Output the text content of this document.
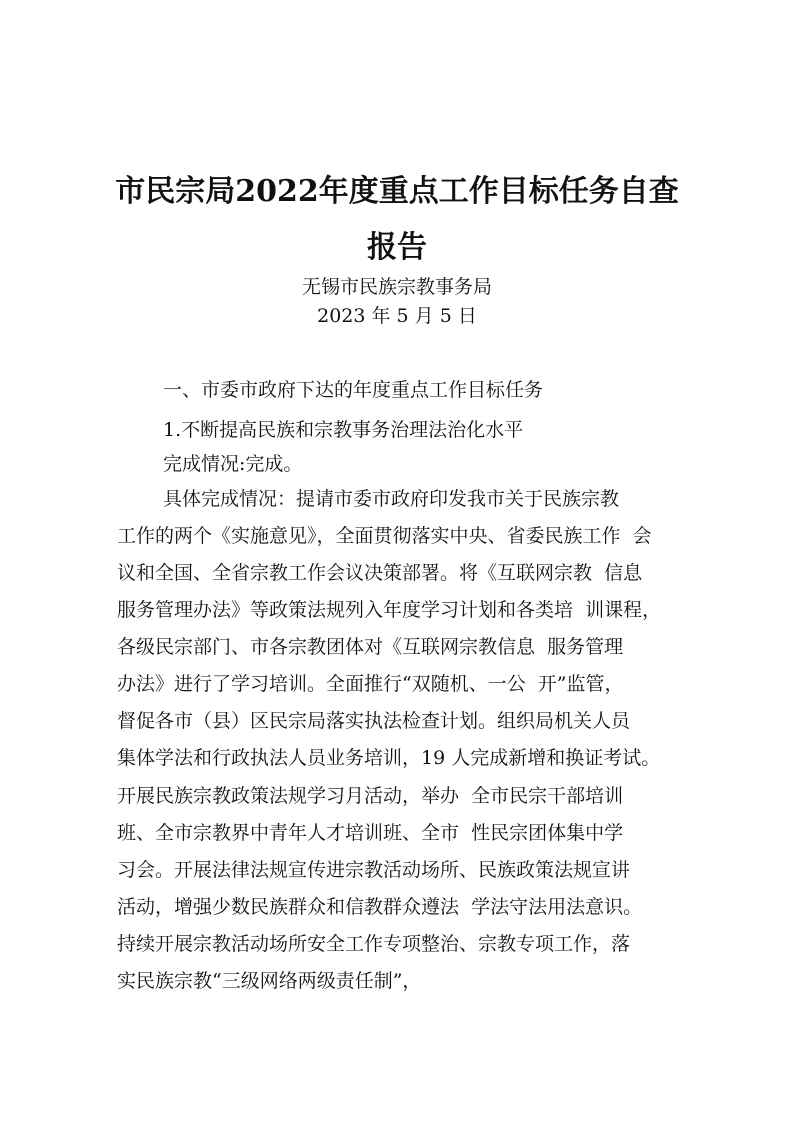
市民宗局2022年度重点工作目标任务自查
报告
无锡市民族宗教事务局
2023 年 5 月 5 日
一、市委市政府下达的年度重点工作目标任务
1.不断提高民族和宗教事务治理法治化水平
完成情况:完成。
具体完成情况：提请市委市政府印发我市关于民族宗教
工作的两个《实施意见》，全面贯彻落实中央、省委民族工作  会
议和全国、全省宗教工作会议决策部署。将《互联网宗教  信息
服务管理办法》等政策法规列入年度学习计划和各类培  训课程，
各级民宗部门、市各宗教团体对《互联网宗教信息  服务管理
办法》进行了学习培训。全面推行“双随机、一公  开”监管，
督促各市（县）区民宗局落实执法检查计划。组织局机关人员
集体学法和行政执法人员业务培训，19 人完成新增和换证考试。
开展民族宗教政策法规学习月活动，举办  全市民宗干部培训
班、全市宗教界中青年人才培训班、全市  性民宗团体集中学
习会。开展法律法规宣传进宗教活动场所、民族政策法规宣讲
活动，增强少数民族群众和信教群众遵法  学法守法用法意识。
持续开展宗教活动场所安全工作专项整治、宗教专项工作，落
实民族宗教“三级网络两级责任制”，
